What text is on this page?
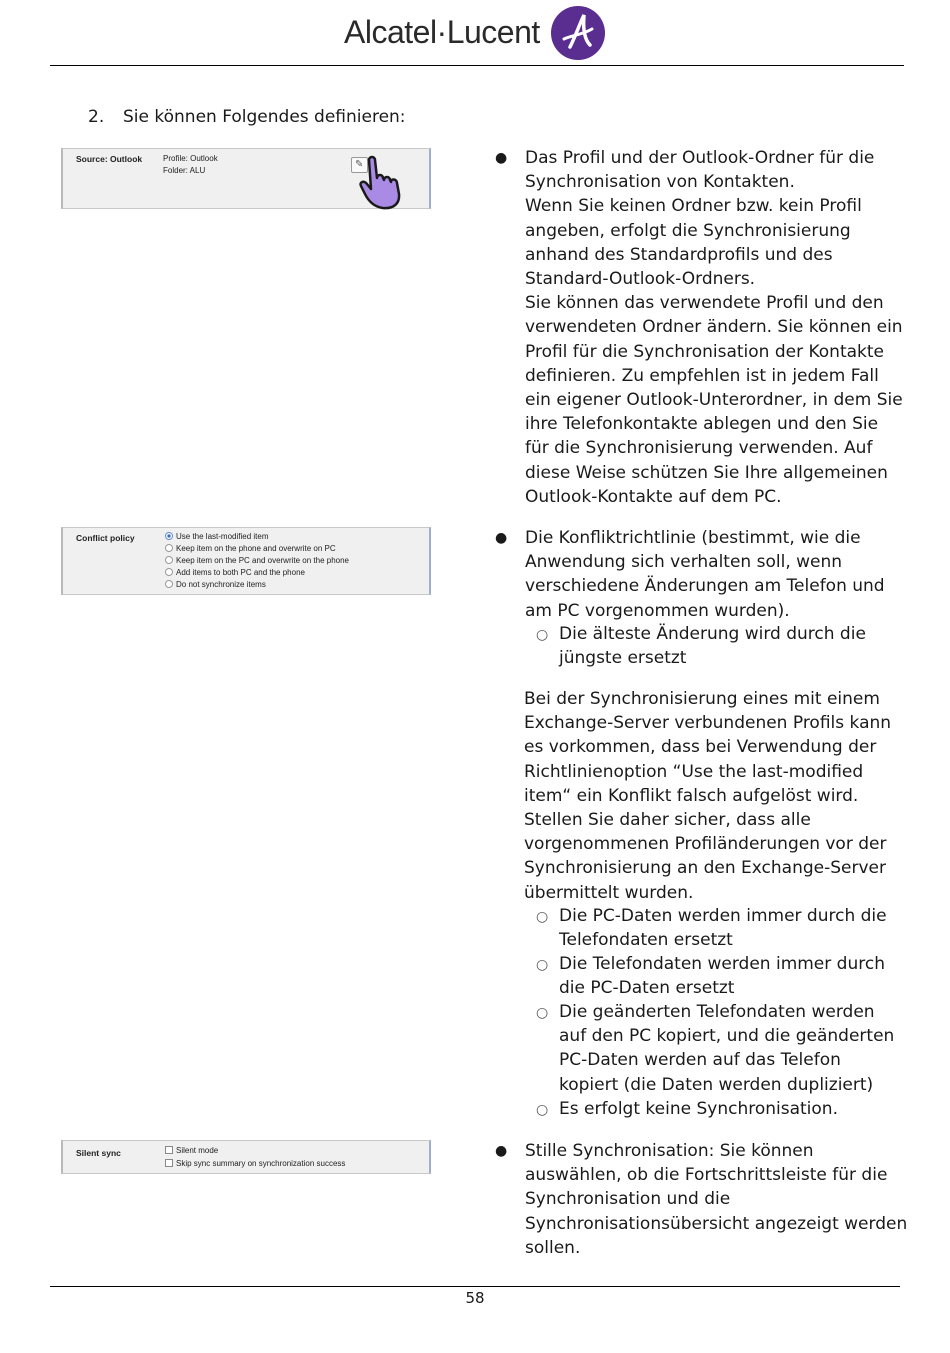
Alcatel·Lucent
2. Sie können Folgendes definieren:
Source: Outlook	Profile: Outlook
Folder: ALU
✎
Conflict policy	Use the last-modified item
Keep item on the phone and overwrite on PC
Keep item on the PC and overwrite on the phone
Add items to both PC and the phone
Do not synchronize items
Silent sync	Silent mode
Skip sync summary on synchronization success
● Das Profil und der Outlook-Ordner für die
Synchronisation von Kontakten.
Wenn Sie keinen Ordner bzw. kein Profil
angeben, erfolgt die Synchronisierung
anhand des Standardprofils und des
Standard-Outlook-Ordners.
Sie können das verwendete Profil und den
verwendeten Ordner ändern. Sie können ein
Profil für die Synchronisation der Kontakte
definieren. Zu empfehlen ist in jedem Fall
ein eigener Outlook-Unterordner, in dem Sie
ihre Telefonkontakte ablegen und den Sie
für die Synchronisierung verwenden. Auf
diese Weise schützen Sie Ihre allgemeinen
Outlook-Kontakte auf dem PC.
● Die Konfliktrichtlinie (bestimmt, wie die
Anwendung sich verhalten soll, wenn
verschiedene Änderungen am Telefon und
am PC vorgenommen wurden).
○ Die älteste Änderung wird durch die
jüngste ersetzt
Bei der Synchronisierung eines mit einem
Exchange-Server verbundenen Profils kann
es vorkommen, dass bei Verwendung der
Richtlinienoption “Use the last-modified
item“ ein Konflikt falsch aufgelöst wird.
Stellen Sie daher sicher, dass alle
vorgenommenen Profiländerungen vor der
Synchronisierung an den Exchange-Server
übermittelt wurden.
○ Die PC-Daten werden immer durch die
Telefondaten ersetzt
○ Die Telefondaten werden immer durch
die PC-Daten ersetzt
○ Die geänderten Telefondaten werden
auf den PC kopiert, und die geänderten
PC-Daten werden auf das Telefon
kopiert (die Daten werden dupliziert)
○ Es erfolgt keine Synchronisation.
● Stille Synchronisation: Sie können
auswählen, ob die Fortschrittsleiste für die
Synchronisation und die
Synchronisationsübersicht angezeigt werden
sollen.
58
